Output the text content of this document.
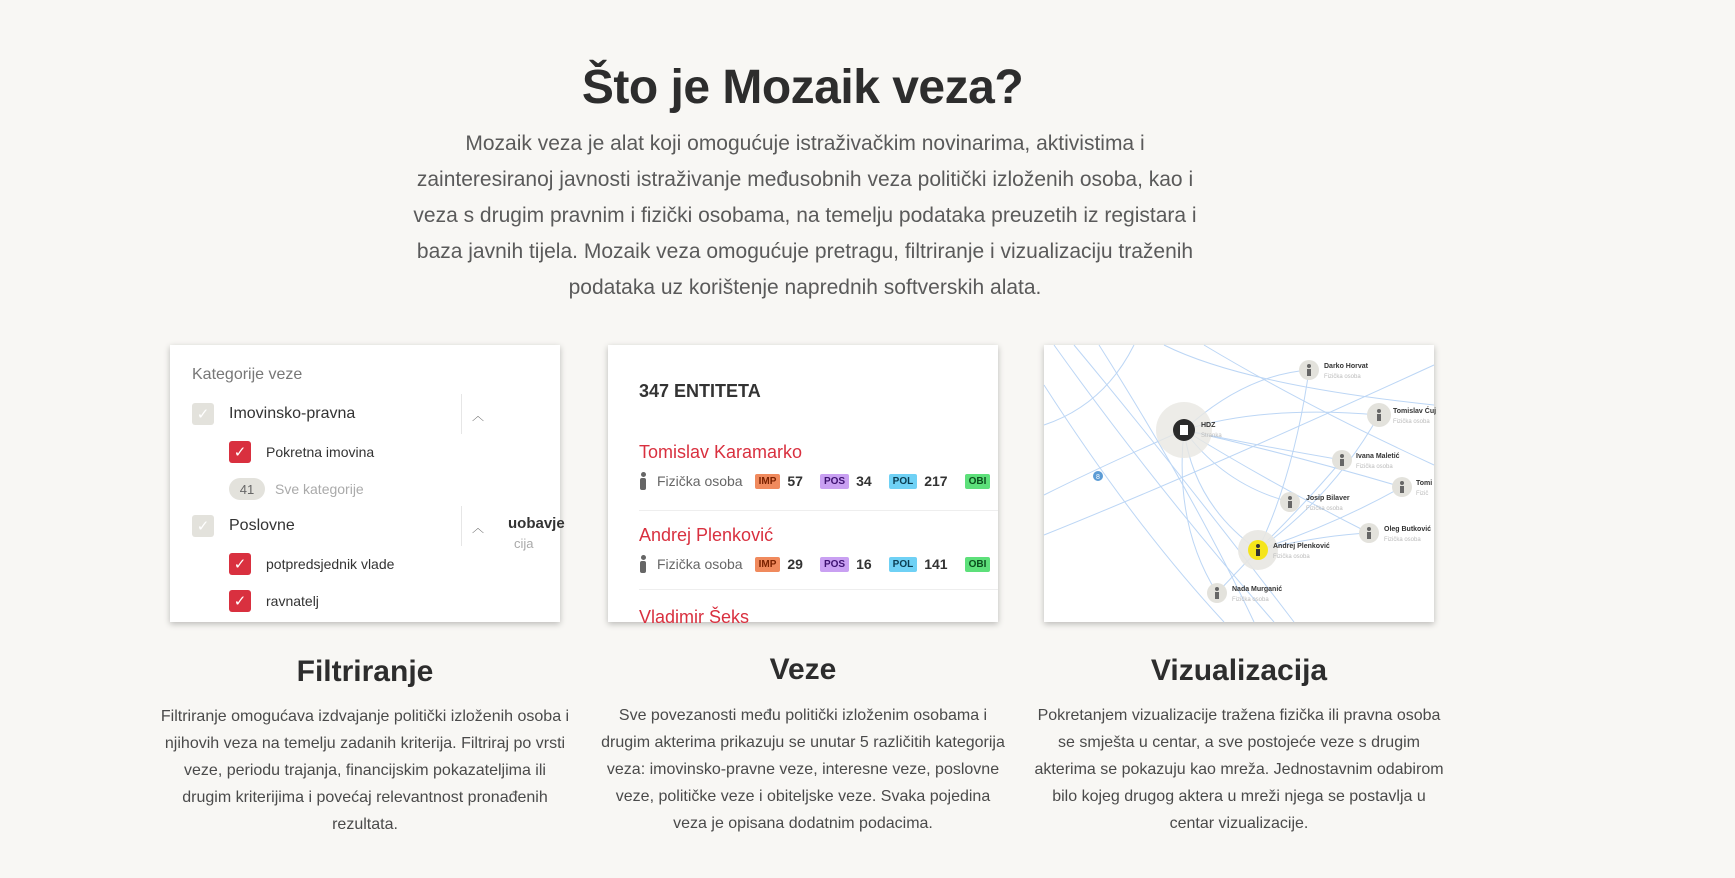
Što je Mozaik veza?

Mozaik veza je alat koji omogućuje istraživačkim novinarima, aktivistima i zainteresiranoj javnosti istraživanje međusobnih veza politički izloženih osoba, kao i veza s drugim pravnim i fizički osobama, na temelju podataka preuzetih iz registara i baza javnih tijela. Mozaik veza omogućuje pretragu, filtriranje i vizualizaciju traženih podataka uz korištenje naprednih softverskih alata.

Kategorije veze
✓ Imovinsko-pravna	︿
✓	Pokretna imovina
41	Sve kategorije
✓ Poslovne	︿
✓	potpredsjednik vlade
✓	ravnatelj
uobavje
cija
347 ENTITETA
Tomislav Karamarko
Fizička osoba	IMP 57	POS 34	POL 217	OBI
Andrej Plenković
Fizička osoba	IMP 29	POS 16	POL 141	OBI
Vladimir Šeks
8
HDZ
Stranka
Darko Horvat
Fizička osoba
Tomislav Ćuj
Fizička osoba
Ivana Maletić
Fizička osoba
Tomi
Fizič
Josip Bilaver
Fizička osoba
Oleg Butković
Fizička osoba
Andrej Plenković
Fizička osoba
Nada Murganić
Fizička osoba
Filtriranje

Filtriranje omogućava izdvajanje politički izloženih osoba i njihovih veza na temelju zadanih kriterija. Filtriraj po vrsti veze, periodu trajanja, financijskim pokazateljima ili drugim kriterijima i povećaj relevantnost pronađenih rezultata.

Veze

Sve povezanosti među politički izloženim osobama i drugim akterima prikazuju se unutar 5 različitih kategorija veza: imovinsko-pravne veze, interesne veze, poslovne veze, političke veze i obiteljske veze. Svaka pojedina veza je opisana dodatnim podacima.

Vizualizacija

Pokretanjem vizualizacije tražena fizička ili pravna osoba se smješta u centar, a sve postojeće veze s drugim akterima se pokazuju kao mreža. Jednostavnim odabirom bilo kojeg drugog aktera u mreži njega se postavlja u centar vizualizacije.
